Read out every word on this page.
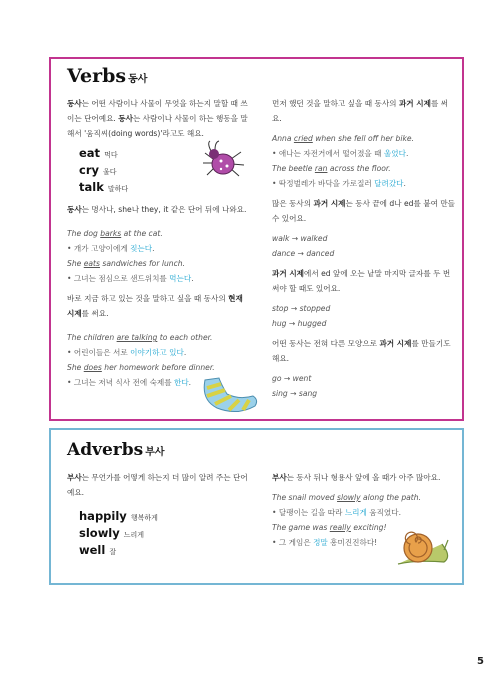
Verbs 동사

동사는 어떤 사람이나 사물이 무엇을 하는지 말할 때 쓰이는 단어예요. 동사는 사람이나 사물이 하는 행동을 말해서 '움직씨(doing words)'라고도 해요.

eat 먹다
cry 울다
talk 말하다

동사는 명사나, she나 they, it 같은 단어 뒤에 나와요.

The dog barks at the cat.

• 개가 고양이에게 짖는다.

She eats sandwiches for lunch.

• 그녀는 점심으로 샌드위치를 먹는다.

바로 지금 하고 있는 것을 말하고 싶을 때 동사의 현재 시제를 써요.

The children are talking to each other.

• 어린이들은 서로 이야기하고 있다.

She does her homework before dinner.

• 그녀는 저녁 식사 전에 숙제를 한다.

먼저 했던 것을 말하고 싶을 때 동사의 과거 시제를 써요.

Anna cried when she fell off her bike.

• 애나는 자전거에서 떨어졌을 때 울었다.

The beetle ran across the floor.

• 딱정벌레가 바닥을 가로질러 달려갔다.

많은 동사의 과거 시제는 동사 끝에 d나 ed를 붙여 만들 수 있어요.

walk → walked

dance → danced

과거 시제에서 ed 앞에 오는 낱말 마지막 글자를 두 번 써야 할 때도 있어요.

stop → stopped

hug → hugged

어떤 동사는 전혀 다른 모양으로 과거 시제를 만들기도 해요.

go → went

sing → sang

Adverbs 부사

부사는 무언가를 어떻게 하는지 더 많이 알려 주는 단어예요.

happily 행복하게
slowly 느리게
well 잘

부사는 동사 뒤나 형용사 앞에 올 때가 아주 많아요.

The snail moved slowly along the path.

• 달팽이는 길을 따라 느리게 움직였다.

The game was really exciting!

• 그 게임은 정말 흥미진진하다!

5
